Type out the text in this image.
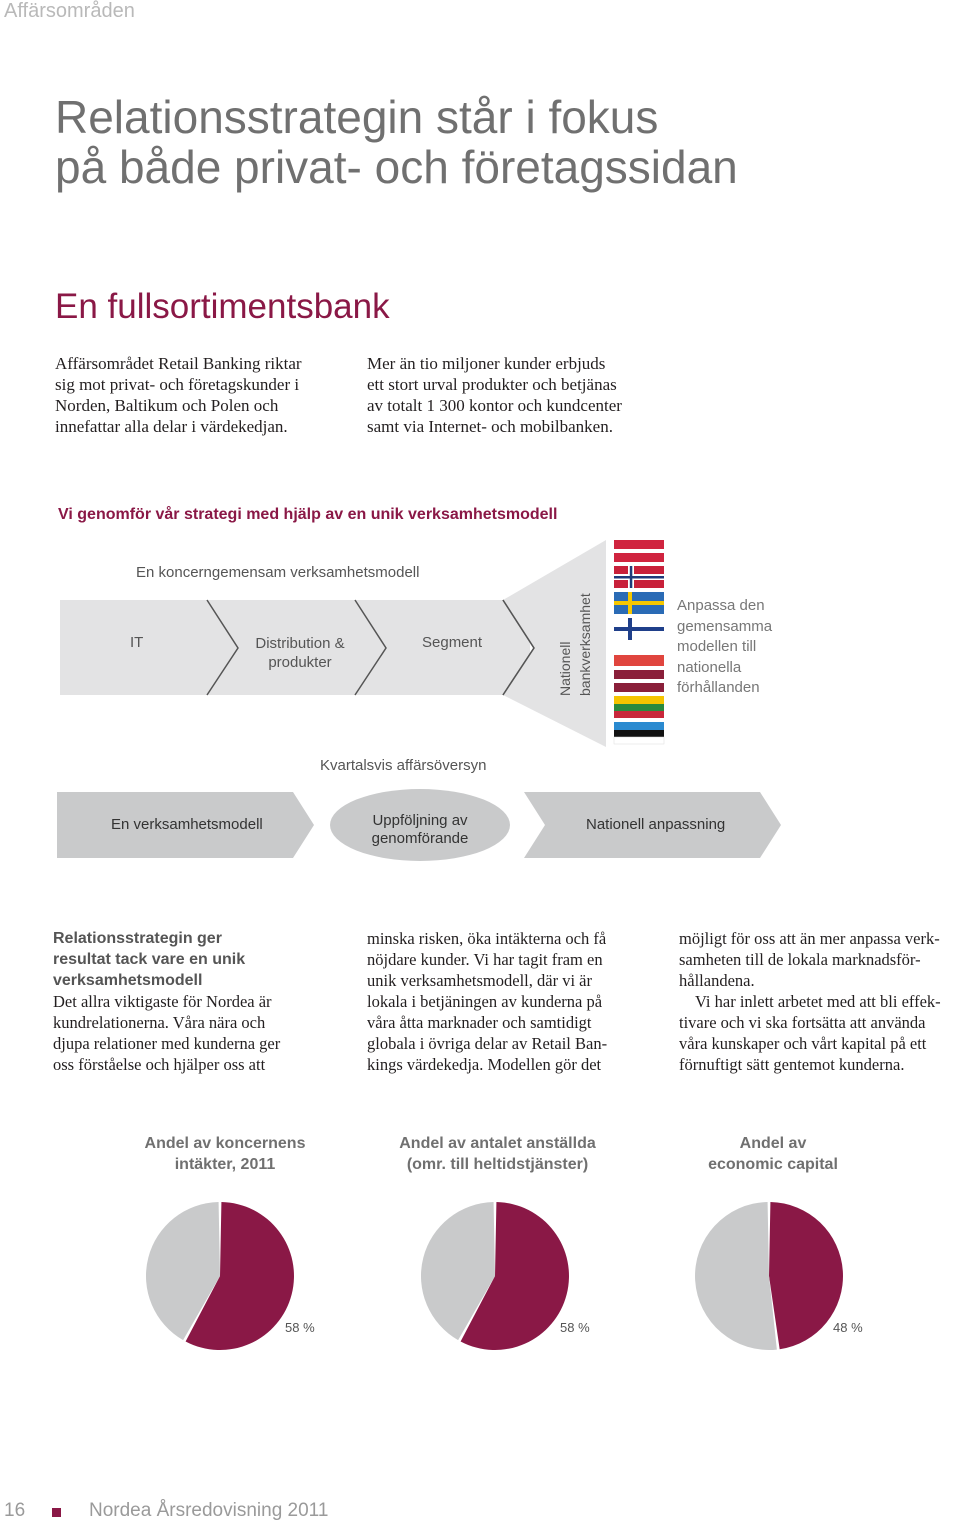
Affärsområden
Relationsstrategin står i fokus
på både privat- och företagssidan
En fullsortimentsbank
Affärsområdet Retail Banking riktar
sig mot privat- och företagskunder i
Norden, Baltikum och Polen och
innefattar alla delar i värdekedjan.
Mer än tio miljoner kunder erbjuds
ett stort urval produkter och betjänas
av totalt 1 300 kontor och kundcenter
samt via Internet- och mobilbanken.
Vi genomför vår strategi med hjälp av en unik verksamhetsmodell
En koncerngemensam verksamhetsmodell
IT	Distribution &
produkter
Segment	Nationell bankverksamhet	Anpassa den
gemensamma
modellen till
nationella
förhållanden
Kvartalsvis affärsöversyn
En verksamhetsmodell	Uppföljning av
genomförande
Nationell anpassning
Relationsstrategin ger
resultat tack vare en unik
verksamhetsmodell
Det allra viktigaste för Nordea är
kundrelationerna. Våra nära och
djupa relationer med kunderna ger
oss förståelse och hjälper oss att
minska risken, öka intäkterna och få
nöjdare kunder. Vi har tagit fram en
unik verksamhetsmodell, där vi är
lokala i betjäningen av kunderna på
våra åtta marknader och samtidigt
globala i övriga delar av Retail Ban-
kings värdekedja. Modellen gör det
möjligt för oss att än mer anpassa verk-
samheten till de lokala marknadsför-
hållandena.
Vi har inlett arbetet med att bli effek-
tivare och vi ska fortsätta att använda
våra kunskaper och vårt kapital på ett
förnuftigt sätt gentemot kunderna.
Andel av koncernens
intäkter, 2011
Andel av antalet anställda
(omr. till heltidstjänster)
Andel av
economic capital
58 %	58 %	48 %
16	Nordea Årsredovisning 2011
